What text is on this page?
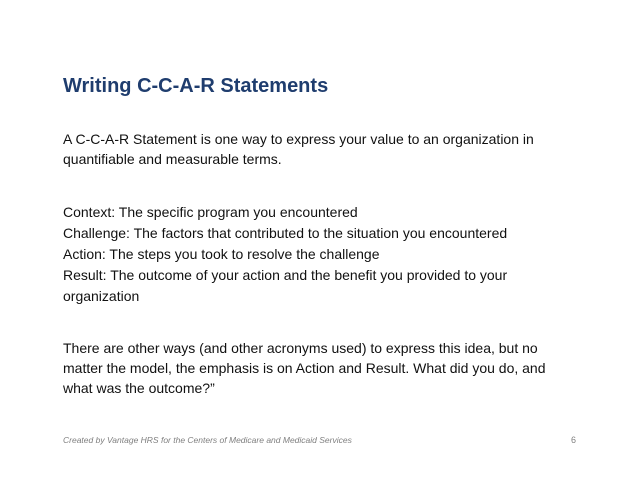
Writing C-C-A-R Statements

A C-C-A-R Statement is one way to express your value to an organization in
quantifiable and measurable terms.

Context: The specific program you encountered
Challenge: The factors that contributed to the situation you encountered
Action: The steps you took to resolve the challenge
Result: The outcome of your action and the benefit you provided to your
organization

There are other ways (and other acronyms used) to express this idea, but no
matter the model, the emphasis is on Action and Result. What did you do, and
what was the outcome?”

Created by Vantage HRS for the Centers of Medicare and Medicaid Services	6
